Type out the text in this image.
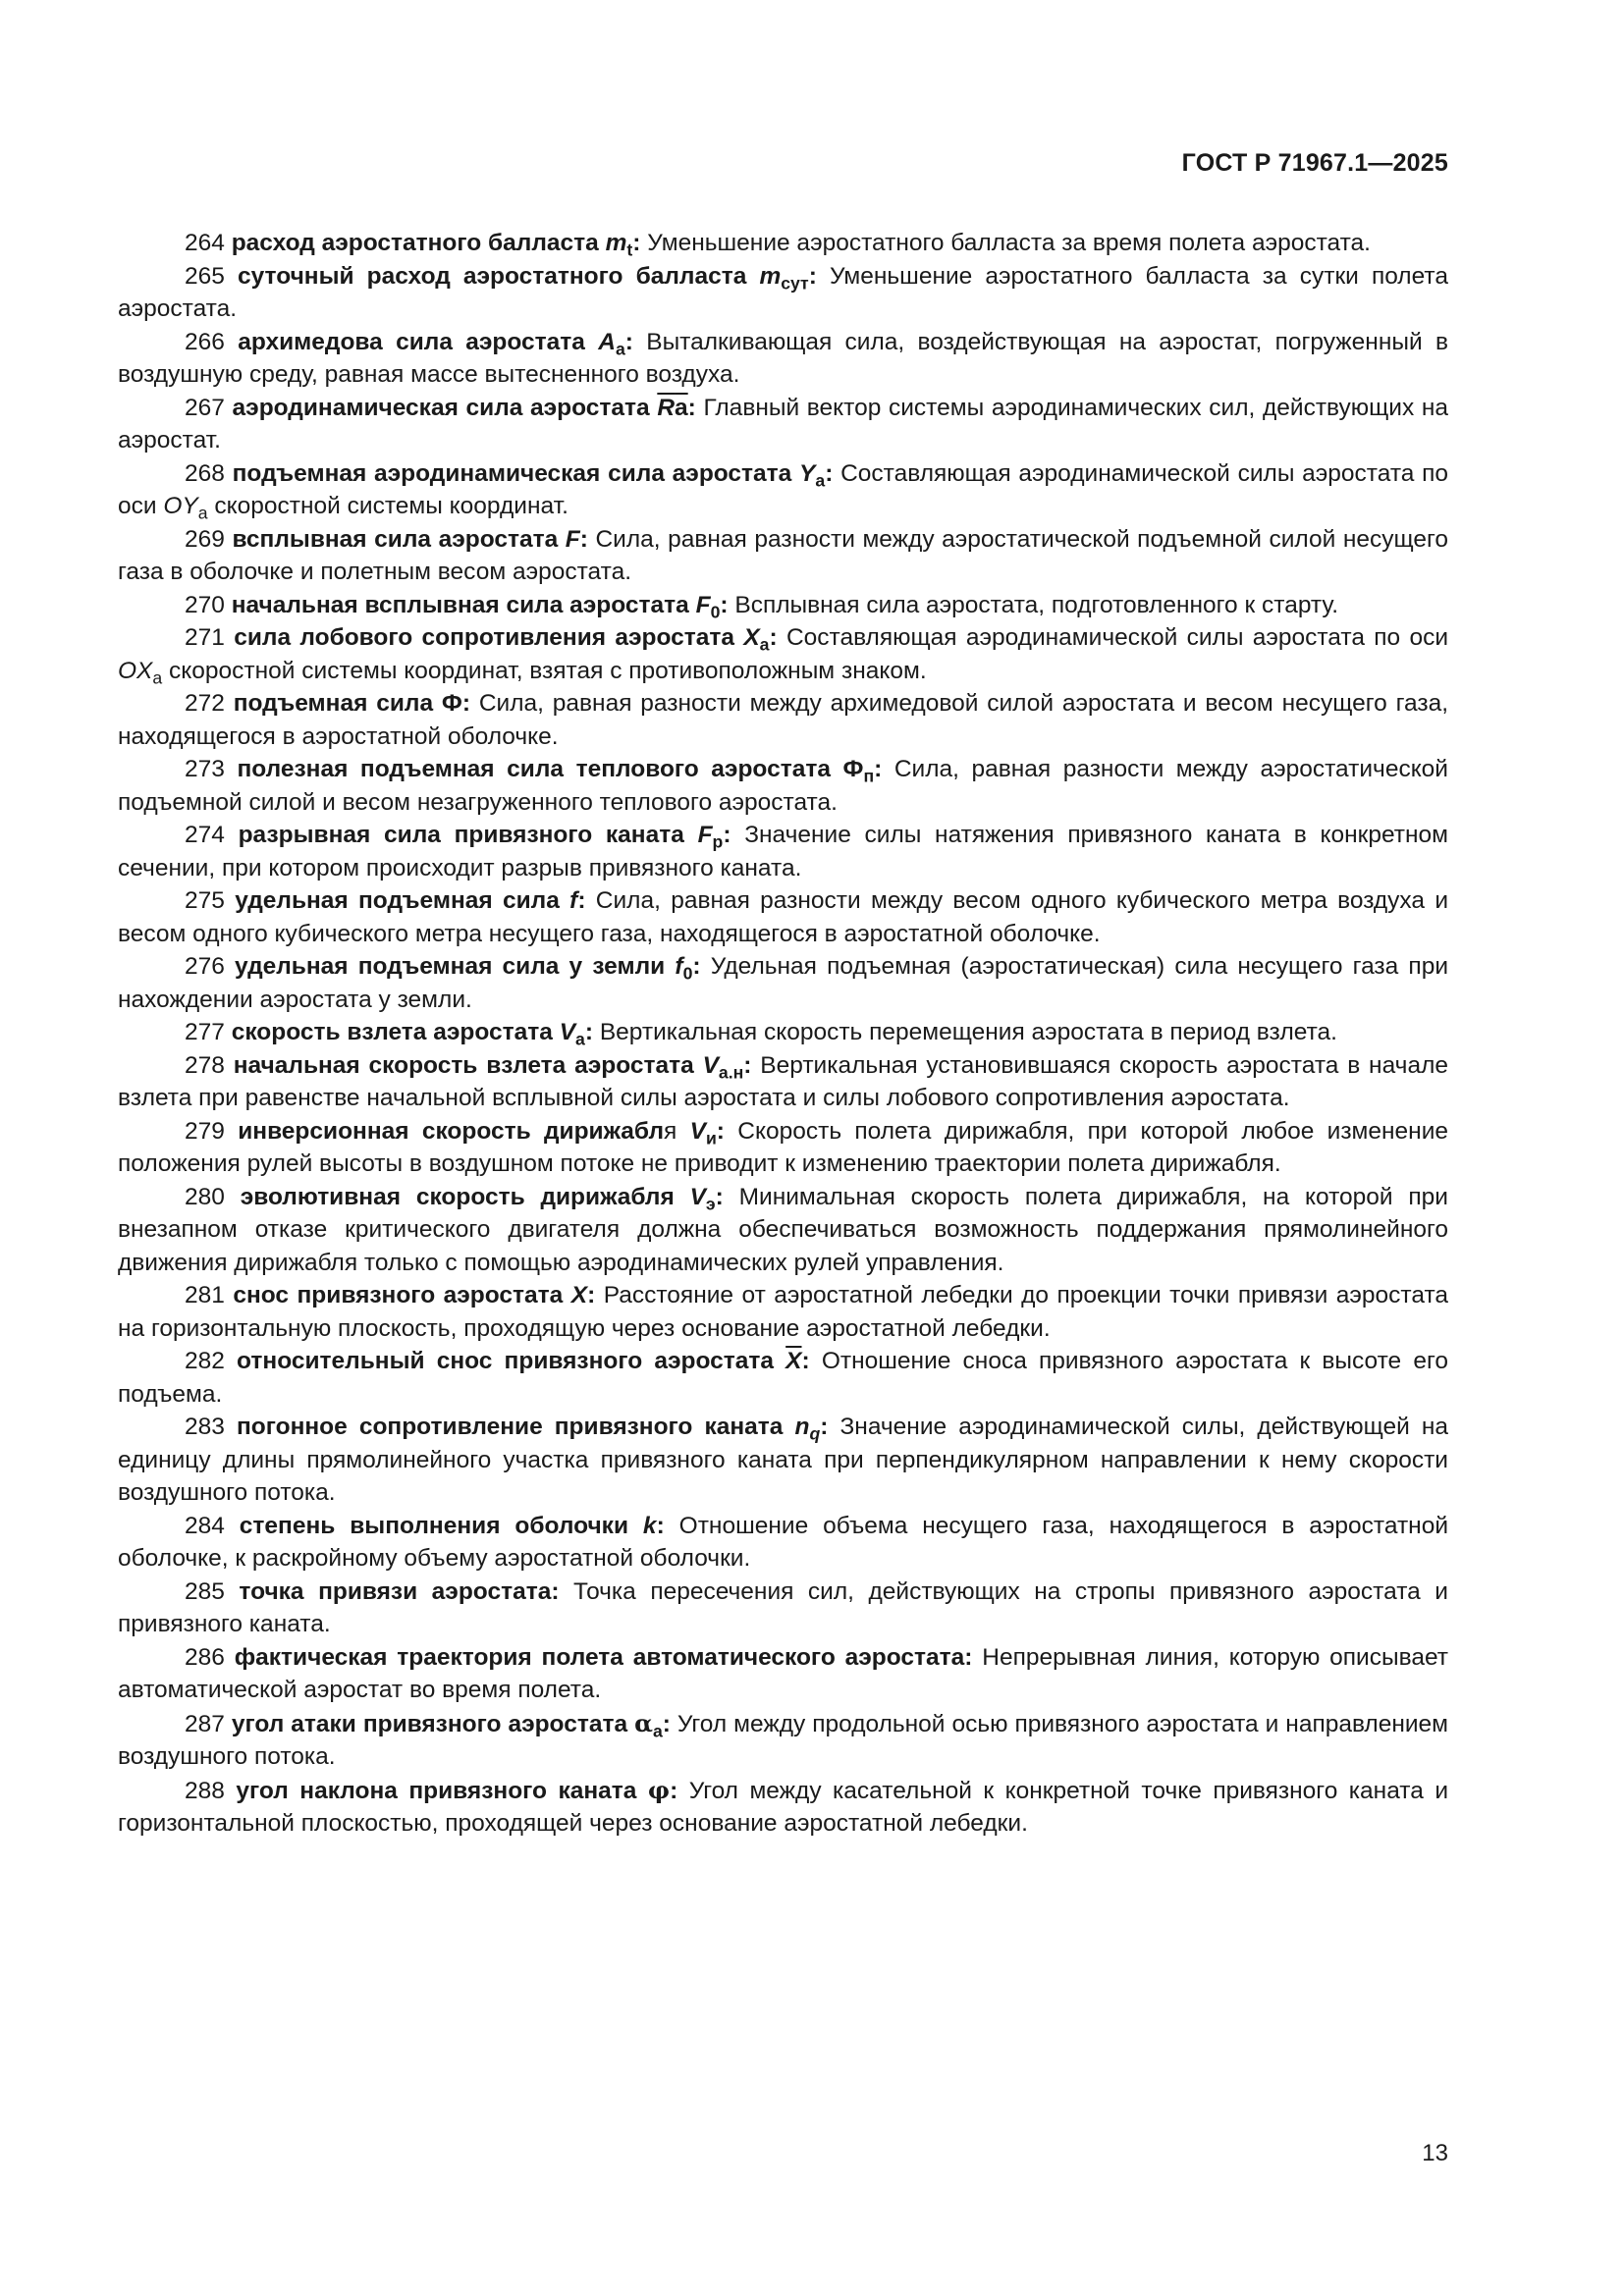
ГОСТ Р 71967.1—2025

264 расход аэростатного балласта $m_t$: Уменьшение аэростатного балласта за время полета аэростата.

265 суточный расход аэростатного балласта $m_{сут}$: Уменьшение аэростатного балласта за сутки полета аэростата.

266 архимедова сила аэростата $A_а$: Выталкивающая сила, воздействующая на аэростат, погруженный в воздушную среду, равная массе вытесненного воздуха.

267 аэродинамическая сила аэростата Rа: Главный вектор системы аэродинамических сил, действующих на аэростат.

268 подъемная аэродинамическая сила аэростата $Y_а$: Составляющая аэродинамической силы аэростата по оси $OY_а$ скоростной системы координат.

269 всплывная сила аэростата F: Сила, равная разности между аэростатической подъемной силой несущего газа в оболочке и полетным весом аэростата.

270 начальная всплывная сила аэростата $F_0$: Всплывная сила аэростата, подготовленного к старту.

271 сила лобового сопротивления аэростата $X_а$: Составляющая аэродинамической силы аэростата по оси $OX_а$ скоростной системы координат, взятая с противоположным знаком.

272 подъемная сила Ф: Сила, равная разности между архимедовой силой аэростата и весом несущего газа, находящегося в аэростатной оболочке.

273 полезная подъемная сила теплового аэростата $Ф_п$: Сила, равная разности между аэростатической подъемной силой и весом незагруженного теплового аэростата.

274 разрывная сила привязного каната $F_р$: Значение силы натяжения привязного каната в конкретном сечении, при котором происходит разрыв привязного каната.

275 удельная подъемная сила f: Сила, равная разности между весом одного кубического метра воздуха и весом одного кубического метра несущего газа, находящегося в аэростатной оболочке.

276 удельная подъемная сила у земли $f_0$: Удельная подъемная (аэростатическая) сила несущего газа при нахождении аэростата у земли.

277 скорость взлета аэростата $V_а$: Вертикальная скорость перемещения аэростата в период взлета.

278 начальная скорость взлета аэростата $V_{а.н}$: Вертикальная установившаяся скорость аэростата в начале взлета при равенстве начальной всплывной силы аэростата и силы лобового сопротивления аэростата.

279 инверсионная скорость дирижабля $V_и$: Скорость полета дирижабля, при которой любое изменение положения рулей высоты в воздушном потоке не приводит к изменению траектории полета дирижабля.

280 эволютивная скорость дирижабля $V_э$: Минимальная скорость полета дирижабля, на которой при внезапном отказе критического двигателя должна обеспечиваться возможность поддержания прямолинейного движения дирижабля только с помощью аэродинамических рулей управления.

281 снос привязного аэростата X: Расстояние от аэростатной лебедки до проекции точки привязи аэростата на горизонтальную плоскость, проходящую через основание аэростатной лебедки.

282 относительный снос привязного аэростата $\overline{X}$: Отношение сноса привязного аэростата к высоте его подъема.

283 погонное сопротивление привязного каната $n_q$: Значение аэродинамической силы, действующей на единицу длины прямолинейного участка привязного каната при перпендикулярном направлении к нему скорости воздушного потока.

284 степень выполнения оболочки k: Отношение объема несущего газа, находящегося в аэростатной оболочке, к раскройному объему аэростатной оболочки.

285 точка привязи аэростата: Точка пересечения сил, действующих на стропы привязного аэростата и привязного каната.

286 фактическая траектория полета автоматического аэростата: Непрерывная линия, которую описывает автоматической аэростат во время полета.

287 угол атаки привязного аэростата $\alpha_а$: Угол между продольной осью привязного аэростата и направлением воздушного потока.

288 угол наклона привязного каната φ: Угол между касательной к конкретной точке привязного каната и горизонтальной плоскостью, проходящей через основание аэростатной лебедки.

13
